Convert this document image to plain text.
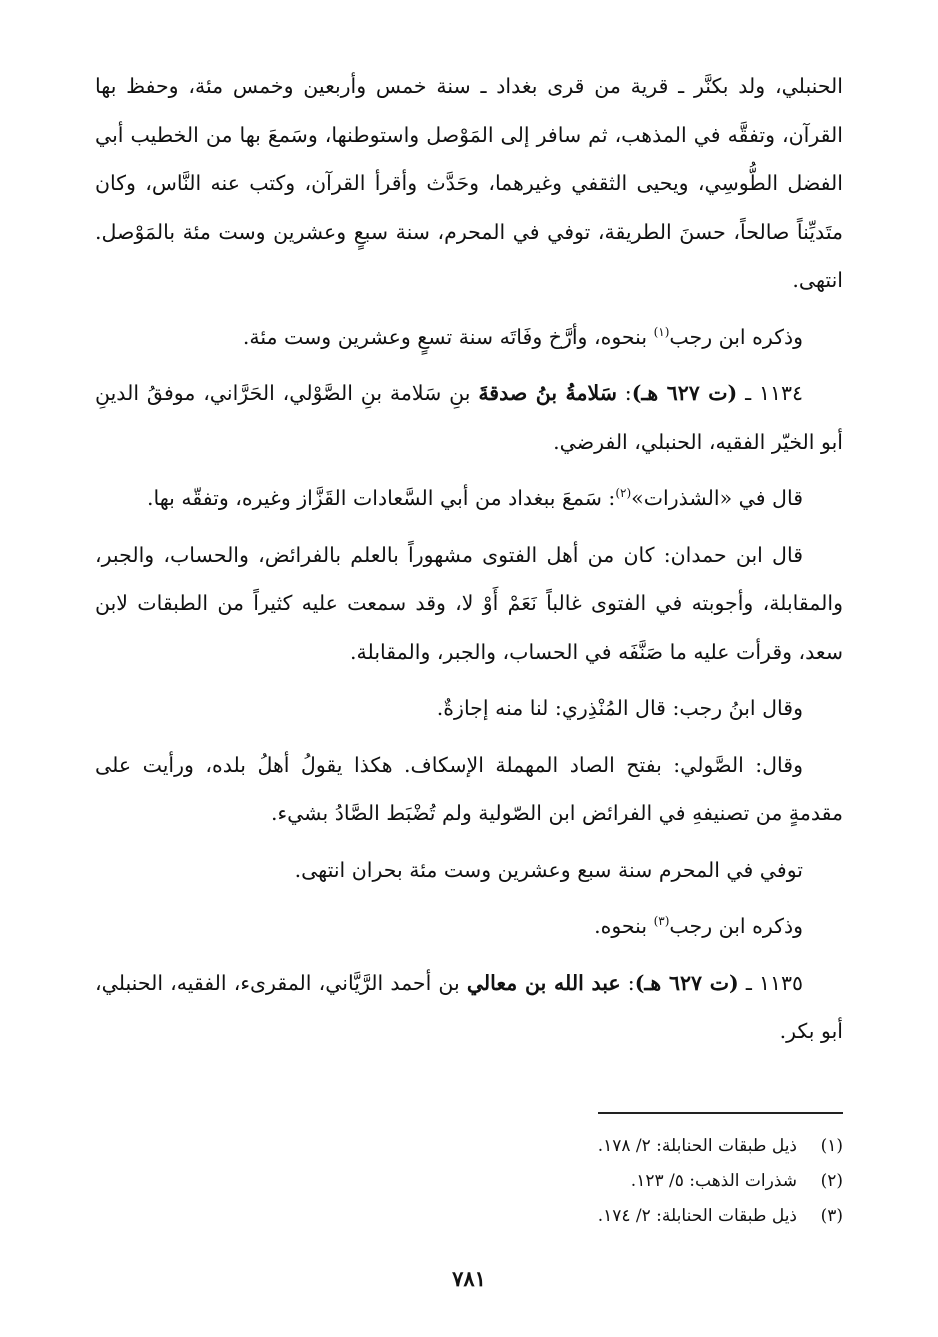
الحنبلي، ولد بكنَّر ـ قرية من قرى بغداد ـ سنة خمس وأربعين وخمس مئة، وحفظ بها القرآن، وتفقَّه في المذهب، ثم سافر إلى المَوْصل واستوطنها، وسَمعَ بها من الخطيب أبي الفضل الطُّوسِي، ويحيى الثقفي وغيرهما، وحَدَّث وأقرأ القرآن، وكتب عنه النَّاس، وكان متَديِّناً صالحاً، حسنَ الطريقة، توفي في المحرم، سنة سبعٍ وعشرين وست مئة بالمَوْصل. انتهى.

وذكره ابن رجب$^{(١)}$ بنحوه، وأرَّخ وفَاتَه سنة تسعٍ وعشرين وست مئة.

١١٣٤ ـ (ت ٦٢٧ هـ): سَلامةُ بنُ صدقةَ بنِ سَلامة بنِ الصَّوْلي، الحَرَّاني، موفقُ الدينِ أبو الخيّر الفقيه، الحنبلي، الفرضي.

قال في «الشذرات»$^{(٢)}$: سَمعَ ببغداد من أبي السَّعادات القَزَّاز وغيره، وتفقّه بها.

قال ابن حمدان: كان من أهل الفتوى مشهوراً بالعلم بالفرائض، والحساب، والجبر، والمقابلة، وأجوبته في الفتوى غالباً نَعَمْ أَوْ لا، وقد سمعت عليه كثيراً من الطبقات لابن سعد، وقرأت عليه ما صَنَّفَه في الحساب، والجبر، والمقابلة.

وقال ابنُ رجب: قال المُنْذِري: لنا منه إجازةٌ.

وقال: الصَّولي: بفتح الصاد المهملة الإسكاف. هكذا يقولُ أهلُ بلده، ورأيت على مقدمةٍ من تصنيفهِ في الفرائض ابن الصّولية ولم تُضْبَط الصَّادُ بشيء.

توفي في المحرم سنة سبع وعشرين وست مئة بحران انتهى.

وذكره ابن رجب$^{(٣)}$ بنحوه.

١١٣٥ ـ (ت ٦٢٧ هـ): عبد الله بن معالي بن أحمد الرَّيَّاني، المقرىء، الفقيه، الحنبلي، أبو بكر.

(١)
ذيل طبقات الحنابلة: ٢/ ١٧٨.
(٢)
شذرات الذهب: ٥/ ١٢٣.
(٣)
ذيل طبقات الحنابلة: ٢/ ١٧٤.
٧٨١
